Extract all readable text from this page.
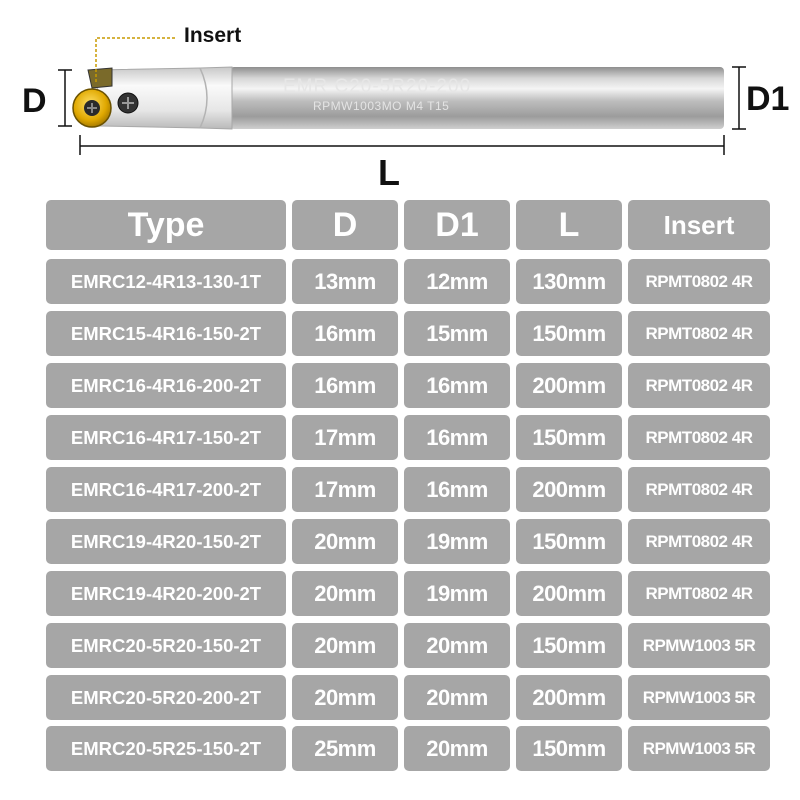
Insert
D	D1
L
EMR C20-5R20-200
RPMW1003MO M4 T15
Type	D	D1	L	Insert
EMRC12-4R13-130-1T	13mm	12mm	130mm	RPMT0802 4R
EMRC15-4R16-150-2T	16mm	15mm	150mm	RPMT0802 4R
EMRC16-4R16-200-2T	16mm	16mm	200mm	RPMT0802 4R
EMRC16-4R17-150-2T	17mm	16mm	150mm	RPMT0802 4R
EMRC16-4R17-200-2T	17mm	16mm	200mm	RPMT0802 4R
EMRC19-4R20-150-2T	20mm	19mm	150mm	RPMT0802 4R
EMRC19-4R20-200-2T	20mm	19mm	200mm	RPMT0802 4R
EMRC20-5R20-150-2T	20mm	20mm	150mm	RPMW1003 5R
EMRC20-5R20-200-2T	20mm	20mm	200mm	RPMW1003 5R
EMRC20-5R25-150-2T	25mm	20mm	150mm	RPMW1003 5R
